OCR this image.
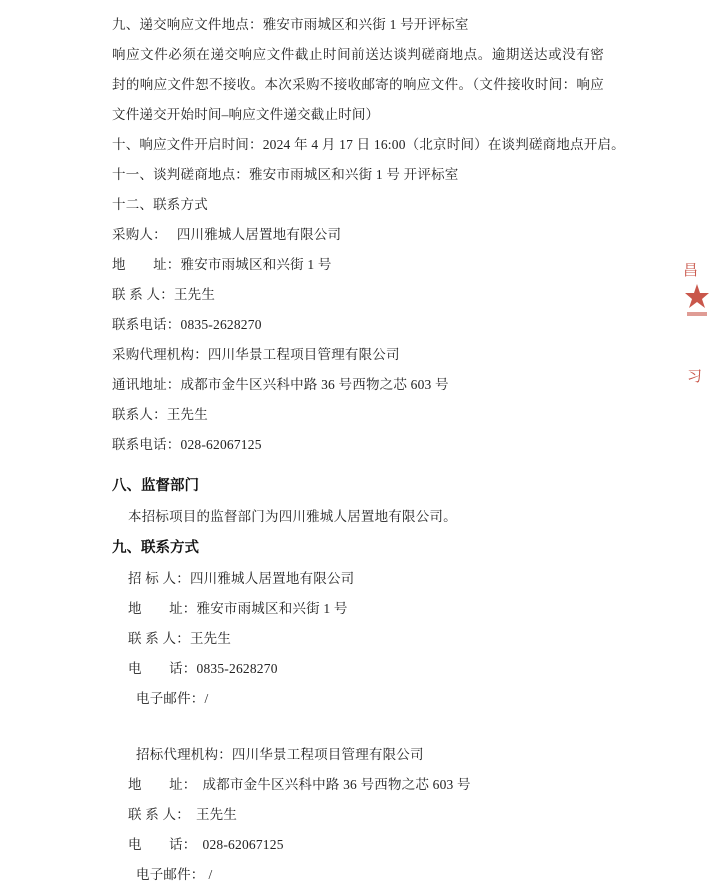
九、递交响应文件地点：雅安市雨城区和兴街 1 号开评标室
响应文件必须在递交响应文件截止时间前送达谈判磋商地点。逾期送达或没有密封的响应文件恕不接收。本次采购不接收邮寄的响应文件。（文件接收时间：响应文件递交开始时间–响应文件递交截止时间）
十、响应文件开启时间：2024 年 4 月 17 日 16:00（北京时间）在谈判磋商地点开启。
十一、谈判磋商地点：雅安市雨城区和兴街 1 号 开评标室
十二、联系方式
采购人： 四川雅城人居置地有限公司
地　　址：雅安市雨城区和兴街 1 号
联 系 人：王先生
联系电话：0835-2628270
采购代理机构：四川华景工程项目管理有限公司
通讯地址：成都市金牛区兴科中路 36 号西物之芯 603 号
联系人：王先生
联系电话：028-62067125
八、监督部门
本招标项目的监督部门为四川雅城人居置地有限公司。
九、联系方式
招 标 人：四川雅城人居置地有限公司
地　　址：雅安市雨城区和兴街 1 号
联 系 人：王先生
电　　话：0835-2628270
电子邮件：/
招标代理机构：四川华景工程项目管理有限公司
地　　址： 成都市金牛区兴科中路 36 号西物之芯 603 号
联 系 人： 王先生
电　　话： 028-62067125
电子邮件： /
昌
习
